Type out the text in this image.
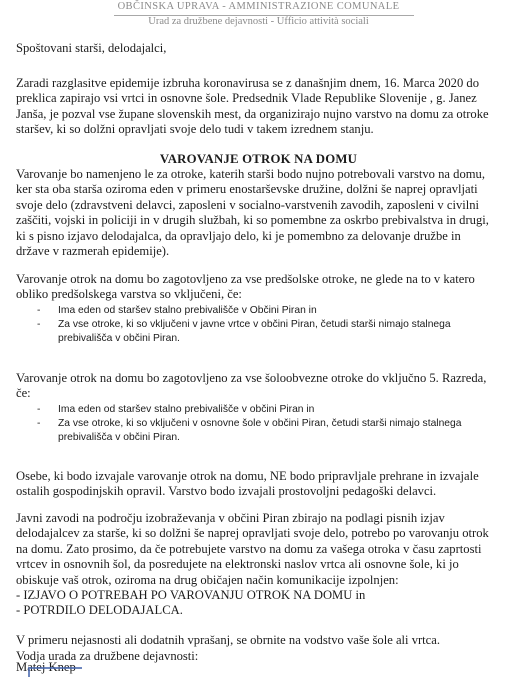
OBČINSKA UPRAVA - AMMINISTRAZIONE COMUNALE
Urad za družbene dejavnosti - Ufficio attività sociali
Spoštovani starši, delodajalci,
Zaradi razglasitve epidemije izbruha koronavirusa se z današnjim dnem, 16. Marca 2020 do
preklica zapirajo vsi vrtci in osnovne šole. Predsednik Vlade Republike Slovenije , g. Janez
Janša, je pozval vse župane slovenskih mest, da organizirajo nujno varstvo na domu za otroke
staršev, ki so dolžni opravljati svoje delo tudi v takem izrednem stanju.
VAROVANJE OTROK NA DOMU
Varovanje bo namenjeno le za otroke, katerih starši bodo nujno potrebovali varstvo na domu,
ker sta oba starša oziroma eden v primeru enostarševske družine, dolžni še naprej opravljati
svoje delo (zdravstveni delavci, zaposleni v socialno-varstvenih zavodih, zaposleni v civilni
zaščiti, vojski in policiji in v drugih službah, ki so pomembne za oskrbo prebivalstva in drugi,
ki s pisno izjavo delodajalca, da opravljajo delo, ki je pomembno za delovanje družbe in
države v razmerah epidemije).
Varovanje otrok na domu bo zagotovljeno za vse predšolske otroke, ne glede na to v katero
obliko predšolskega varstva so vključeni, če:
- Ima eden od staršev stalno prebivališče v Občini Piran in
- Za vse otroke, ki so vključeni v javne vrtce v občini Piran, četudi starši nimajo stalnega
prebivališča v občini Piran.
Varovanje otrok na domu bo zagotovljeno za vse šoloobvezne otroke do vključno 5. Razreda,
če:
- Ima eden od staršev stalno prebivališče v občini Piran in
- Za vse otroke, ki so vključeni v osnovne šole v občini Piran, četudi starši nimajo stalnega
prebivališča v občini Piran.
Osebe, ki bodo izvajale varovanje otrok na domu, NE bodo pripravljale prehrane in izvajale
ostalih gospodinjskih opravil. Varstvo bodo izvajali prostovoljni pedagoški delavci.
Javni zavodi na področju izobraževanja v občini Piran zbirajo na podlagi pisnih izjav
delodajalcev za starše, ki so dolžni še naprej opravljati svoje delo, potrebo po varovanju otrok
na domu. Zato prosimo, da če potrebujete varstvo na domu za vašega otroka v času zaprtosti
vrtcev in osnovnih šol, da posredujete na elektronski naslov vrtca ali osnovne šole, ki jo
obiskuje vaš otrok, oziroma na drug običajen način komunikacije izpolnjen:
- IZJAVO O POTREBAH PO VAROVANJU OTROK NA DOMU in
- POTRDILO DELODAJALCA.
V primeru nejasnosti ali dodatnih vprašanj, se obrnite na vodstvo vaše šole ali vrtca.
Vodja urada za družbene dejavnosti:
Matej Knep
